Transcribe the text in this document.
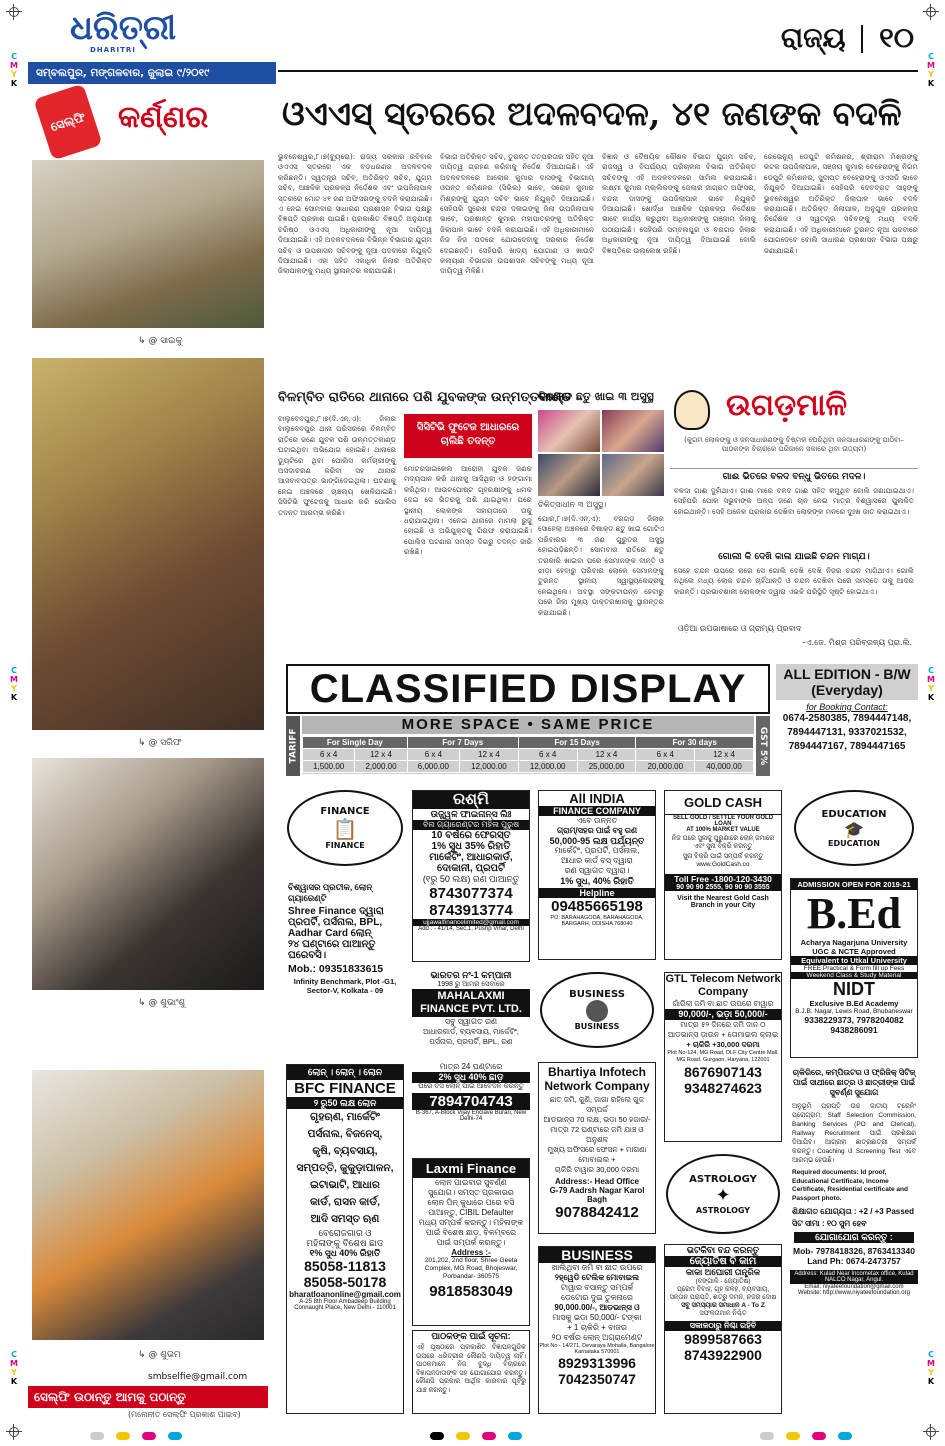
ଧରିତ୍ରୀ
DHARITRI
ସମ୍ବଲପୁର, ମଙ୍ଗଳବାର, ଜୁଲାଇ ୯/୨୦୧୯
ରାଜ୍ୟ ୧୦
C
M
Y
K
C
M
Y
K
C
M
Y
K
C
M
Y
K
C
M
Y
K
C
M
Y
K
ସେଲ୍ଫି କର୍ଣ୍ଣର
↳ @ ସାଇକୁ
↳ @ ସରିଫ
↳ @ ଶୁଭାଂଶୁ
↳ @ ଶୁଭମ
smbselfie@gmail.com
ସେଲ୍ଫି ଉଠାନ୍ତୁ ଆମକୁ ପଠାନ୍ତୁ
(ମନୋନୀତ ସେଲ୍ଫି ପ୍ରକାଶ ପାଇବ)
ଓଏଏସ୍ ସ୍ତରରେ ଅଦଳବଦଳ, ୪୧ ଜଣଙ୍କ ବଦଳି
ଭୁବନେଶ୍ୱର,୮।୭(ବ୍ୟୁରୋ): ରାଜ୍ୟ ସରକାର ରବିବାର ଓଏଏସ୍ ସ୍ତରରେ ଏକ ବଡ଼ଧରଣର ଅଦଳବଦଳ କରିଛନ୍ତି। ସ୍ୱତନ୍ତ୍ର ସଚିବ, ଅତିରିକ୍ତ ସଚିବ, ଯୁଗ୍ମ ସଚିବ, ଆଞ୍ଚଳିକ ପ୍ରକଳ୍ପ ନିର୍ଦ୍ଦେଶକ ଏବଂ ଉପଜିଲାପାଳ ସ୍ତରରେ ମୋଟ ୪୧ ଜଣ ଅଫିସରଙ୍କୁ ବଦଳି କରାଯାଇଛି। ଏ ନେଇ ସୋମବାର ସାଧାରଣ ପ୍ରଶାସନ ବିଭାଗ ପକ୍ଷରୁ ବିଜ୍ଞପ୍ତି ପ୍ରକାଶ ପାଇଛି। ପ୍ରକାଶିତ ବିଜ୍ଞପ୍ତି ଅନୁଯାୟୀ ବରିଷ୍ଠ ଓଏଏସ୍ ଅଧିକାରୀଙ୍କୁ ନୂଆ ଦାୟିତ୍ୱ ଦିଆଯାଇଛି। ଏହି ଅଦଳବଦଳରେ ବିଭିନ୍ନ ବିଭାଗର ଯୁଗ୍ମ ସଚିବ ଓ ଉପଶାସନ ସଚିବଙ୍କୁ ନୂଆ ପଦବୀରେ ନିଯୁକ୍ତି ଦିଆଯାଇଛି। ଏହା ସହିତ ଏକାଧିକ ଜିଲାର ଅତିରିକ୍ତ ଜିଲାପାଳଙ୍କୁ ମଧ୍ୟ ସ୍ଥାନାନ୍ତର କରାଯାଇଛି।
ବିଭାଗ ଅତିରିକ୍ତ ସଚିବ, ତୁରନ୍ତ ତତ୍ପରତାର ସହିତ ନୂଆ ଦାୟିତ୍ୱ ଗ୍ରହଣ କରିବାକୁ ନିର୍ଦ୍ଦେଶ ଦିଆଯାଇଛି। ଏହି ଅଦଳବଦଳରେ ଆଲୋକ କୁମାର ଦାସଙ୍କୁ ବିଭାଗୀୟ ଓପନ୍ତ କମିଶନର (ସିଭିଲ) ଭାବେ, ସରୋଜ କୁମାର ମିଶ୍ରଙ୍କୁ ଯୁଗ୍ମ ସଚିବ ଭାବେ ନିଯୁକ୍ତି ଦିଆଯାଇଛି। ସେହିପରି ସୁରେଶ ଚନ୍ଦ୍ର ଦଳାଇଙ୍କୁ ଜିଲା ଉପଜିଲାପାଳ ଭାବେ, ପ୍ରଶାନ୍ତ କୁମାର ମହାପାତ୍ରଙ୍କୁ ଅତିରିକ୍ତ ଜିଲାପାଳ ଭାବେ ବଦଳି କରାଯାଇଛି। ଏହି ଅଧିକାରୀମାନେ ନିଜ ନିଜ ପଦରେ ଯୋଗଦେବାକୁ ସରକାର ନିର୍ଦ୍ଦେଶ ଦେଇଛନ୍ତି। ସେହିପରି ଖାଦ୍ୟ ଯୋଗାଣ ଓ ଖାଉଟି କଲ୍ୟାଣ ବିଭାଗର ଉପଶାସନ ସଚିବଙ୍କୁ ମଧ୍ୟ ନୂଆ ଦାୟିତ୍ୱ ମିଳିଛି।
ବିଜ୍ଞାନ ଓ ବୈଷୟିକ କୌଶଳ ବିଭାଗ ଯୁଗ୍ମ ସଚିବ, ରାଜସ୍ୱ ଓ ବିପର୍ଯ୍ୟୟ ପରିଚାଳନା ବିଭାଗ ଅତିରିକ୍ତ ସଚିବଙ୍କୁ ଏହି ଅଦଳବଦଳରେ ସାମିଲ କରାଯାଇଛି। ଲକ୍ଷ୍ମୀ କୁମାର ମଲ୍ଲିକଙ୍କୁ ଜେଲାର ଜାଗ୍ରତ ଅଫିସର, ବନ୍ଦନା ଦାସଙ୍କୁ ଉପଜିଲାପାଳ ଭାବେ ନିଯୁକ୍ତି ଦିଆଯାଇଛି। ଖୋର୍ଦ୍ଧା ଆଞ୍ଚଳିକ ପ୍ରକଳ୍ପ ନିର୍ଦ୍ଦେଶକ ଭାବେ କାର୍ଯ୍ୟ କରୁଥିବା ଅଧିକାରୀଙ୍କୁ ଗଞ୍ଜାମ ଜିଲାକୁ ପଠାଯାଇଛି। ସେହିପରି ସମ୍ବଲପୁର ଓ ବରଗଡ଼ ଜିଲାର ଅଧିକାରୀଙ୍କୁ ନୂଆ ଦାୟିତ୍ୱ ଦିଆଯାଇଛି ବୋଲି ବିଜ୍ଞପ୍ତିରେ ଉଲ୍ଲେଖ ରହିଛି।
ରେଭେନ୍ୟୁ ଡେପୁଟି କମିଶନର, ଶ୍ରୀରାମ ମିଶ୍ରଙ୍କୁ କଟକ ଉପଜିଲାପାଳ, ସଞ୍ଜୟ କୁମାର ବେହେରାଙ୍କୁ ନିଗମ ଡେପୁଟି କମିଶନର, ସୁଦୀପ୍ତ ବେହେରାଙ୍କୁ ଓଏସଡି ଭାବେ ନିଯୁକ୍ତି ଦିଆଯାଇଛି। ସେହିପରି ଦେବବ୍ରତ ସାହୁଙ୍କୁ ଭୁବନେଶ୍ୱର ଅତିରିକ୍ତ ଜିଲାପାଳ ଭାବେ ବଦଳି କରାଯାଇଛି। ଅତିରିକ୍ତ ଜିଲାପାଳ, ଅନୁଗୁଳ ପ୍ରକଳ୍ପ ନିର୍ଦ୍ଦେଶକ ଓ ସ୍ୱତନ୍ତ୍ର ସଚିବଙ୍କୁ ମଧ୍ୟ ବଦଳି କରାଯାଇଛି। ଏହି ଅଧିକାରୀମାନେ ତୁରନ୍ତ ନୂଆ ପଦବୀରେ ଯୋଗଦେବେ ବୋଲି ସାଧାରଣ ପ୍ରଶାସନ ବିଭାଗ ପକ୍ଷରୁ ଜଣାଯାଇଛି।
ବିଳମ୍ବିତ ରାତିରେ ଥାନାରେ ପଶି ଯୁବକଙ୍କ ଉନ୍ମତ୍ତକାଣ୍ଡ
ବାଲୁବେବପୁର,୮।୭(ଦି.ଏନ୍.ଏ): ଜିଲାର ବାଲୁବେବପୁର ଥାନା ପରିସରରେ ବିଳମ୍ବିତ ରାତିରେ ଜଣେ ଯୁବକ ପଶି ଉନ୍ମତ୍ତକାଣ୍ଡ ଘଟାଇଥିବା ଅଭିଯୋଗ ହୋଇଛି। ଥାନାରେ ଡ୍ୟୁଟିରେ ଥିବା ପୋଲିସ କର୍ମଚାରୀଙ୍କୁ ଅସଦାଚରଣ କରିବା ସହ ଥାନାର ଆସବାବପତ୍ର ଭାଙ୍ଗିଦେଇଥିଲା। ଘଟଣାକୁ ନେଇ ଅଞ୍ଚଳରେ ଚାଞ୍ଚଲ୍ୟ ଖେଳିଯାଇଛି। ସିସିଟିଭି ଫୁଟେଜକୁ ଆଧାର କରି ପୋଲିସ ତଦନ୍ତ ଆରମ୍ଭ କରିଛି।
ସିସିଟିଭି ଫୁଟେଜ ଆଧାରରେ ଚାଲିଛି ତଦନ୍ତ
ମୋଟରସାଇକେଲ ଆରୋହୀ ଯୁବକ ଜଣକ ମଦ୍ୟପାନ କରି ଥାନାକୁ ଆସିଥିଲା ଓ ହଙ୍ଗାମା କରିଥିଲା। ଆଉଟପୋଷ୍ଟ ଗୃହରକ୍ଷୀଙ୍କୁ ଧମକ ଦେଇ ସେ ଭିତରକୁ ପଶି ଯାଇଥିଲା। ପରେ ସ୍ଥାନୀୟ ଲୋକଙ୍କ ସହାୟତାରେ ତାକୁ ଧରାଯାଇଥିଲା। ଏନେଇ ଥାନାରେ ମାମଲା ରୁଜୁ ହୋଇଛି ଓ ଅଭିଯୁକ୍ତକୁ ଗିରଫ କରାଯାଇଛି। ପୋଲିସ ଘଟଣାର ସମସ୍ତ ଦିଗରୁ ତଦନ୍ତ ଜାରି ରଖିଛି।
ବିଷାକ୍ତ ଛତୁ ଖାଇ ୩ ଅସୁସ୍ଥ
ଚିକିତ୍ସାଧୀନ ୩ ଅସୁସ୍ଥ।
ଯୋର,୮।୭(ଦି.ଏନ୍.ଏ): ବରଗଡ଼ ଜିଲାର ସୋହେଲା ଅଞ୍ଚଳରେ ବିଷାକ୍ତ ଛତୁ ଖାଇ ଗୋଟିଏ ପରିବାରର ୩ ଜଣ ଗୁରୁତର ଅସୁସ୍ଥ ହୋଇପଡ଼ିଛନ୍ତି। ସୋମବାର ରାତିରେ ଛତୁ ତରକାରି ଖାଇବା ପରେ ସେମାନଙ୍କ ବାନ୍ତି ଓ ଝାଡ଼ା ହେବାରୁ ପରିବାର ଲୋକେ ସେମାନଙ୍କୁ ତୁରନ୍ତ ସ୍ଥାନୀୟ ସ୍ୱାସ୍ଥ୍ୟକେନ୍ଦ୍ରକୁ ନେଇଥିଲେ। ଅବସ୍ଥା ସଙ୍କଟାପନ୍ନ ହେବାରୁ ପରେ ଜିଲା ମୁଖ୍ୟ ଡାକ୍ତରଖାନାକୁ ସ୍ଥାନାନ୍ତର କରାଯାଇଛି।
ଉଗଡ଼ମାଳି
(କୁଗମ ଲୋକଙ୍କୁ ଓ ଜନସାଧାରଣଙ୍କୁ ବିଷ୍ମକ ଘେରିଥିବା ଜନସାଧାରଣଙ୍କୁ ପାଠିବା–ପାଠକଙ୍କ ବିଚାରରେ ପରିଜାନେ ସକାରେ ଥିବା ଉଦ୍ଦ୍ୟମ)
ଗାଈ ଭିତରେ ବଳଦ ବନ୍ଧୁ ଭିତରେ ମଦଳ।
ବଳଦା ଗାଈ ଦୁହାଁଥାଏ। ଗାଈ ମାରେ ବଳଦ ଗାଈ ସହିତ କମୁଥିବ ବୋଲି ଜଣାଯାଇଥାଏ। ସେହିପରି ପୋକ ସଭୁବାଙ୍କ ଅଳ୍ପ ଜଣେ ଚାନ ନେଇ ମାତ୍ର ବିଶ୍ୱାସରେ ପୁଲକିତ ହୋଇଥାନ୍ତି। ସେହି ଅନେକ ପ୍ରକାର ଦେଖିବା ଲୋକଙ୍କ ମନରେ ଦୁଃଖ ଜାତ କରାଇଥାଏ।
ଗୋଲୀ କି ଦେଖି କାଳା ଯାଇଛି ଚନ୍ଦନ ମାଗ୍ଯ।
ସେହେ ଚନ୍ଦନ ଉପରେ କରେ ସେ ଗୋଲି ଦେଖି ଦେଖି ନିଜର ଚନ୍ଦନ ମାଗିଥାଏ। ଗୋଲି ନଥିଲେ ମଧ୍ୟ ଲୋକ ଚନ୍ଦନ ଚାହିଁଥାନ୍ତି ଓ ଚନ୍ଦନ ଦେଖିବା ପରେ ସମସ୍ତେ ତାକୁ ଆଦର କରନ୍ତି। ପ୍ରଭାବଶାଳୀ ଲୋକଙ୍କ ଦ୍ୱାରା ଏଭଳି ପରିସ୍ଥିତି ସୃଷ୍ଟି ହୋଇଥାଏ।
ଓଡ଼ିଆ ଉପଭାଷାରେ ଓ ଗ୍ରାମ୍ୟ ପ୍ରବାଦ
–ଏ.ଜେ. ମିଶ୍ର ପରିବ୍ରଜ୍ୟ ପ୍ରା.ଲି.
CLASSIFIED DISPLAY
TARIFF
MORE SPACE • SAME PRICE
For Single Day		For 7 Days		For 15 Days		For 30 days	
6 x 4	12 x 4	6 x 4	12 x 4	6 x 4	12 x 4	6 x 4	12 x 4
1,500.00	2,000.00	6,000.00	12,000.00	12,000.00	25,000.00	20,000.00	40,000.00
GST 5%
ALL EDITION - B/W
(Everyday)
for Booking Contact:
0674-2580385, 7894447148,
7894447131, 9337021532,
7894447167, 7894447165
FINANCE
📋
FINANCE
ବିଶ୍ୱାସର ପ୍ରତୀକ, ଲୋନ୍ ଗ୍ୟାରେଣ୍ଟି
Shree Finance ଦ୍ୱାରା
ପ୍ରପର୍ଟି, ପର୍ସନାଲ, BPL,
Aadhar Card ଲୋନ୍
୨୪ ଘଣ୍ଟାରେ ପାଆନ୍ତୁ
ଘରେବସି।
Mob.: 09351833615
Infinity Benchmark, Plot -G1, Sector-V, Kolkata - 09
ଲୋନ୍ । ଲୋନ୍ । ଲୋନ
BFC FINANCE
୨ ରୁ50 ଲକ୍ଷ ଲୋନ
ଗୃହଋଣ, ମାର୍କେଟିଂ
ପର୍ସନାଲ, ବିଜନେସ୍,
କୃଷି, ବ୍ୟବସାୟ,
ସମ୍ପତ୍ତି, କୁକୁଡ଼ାପାଳନ,
ଇଟାଭାଟି, ଆଧାର
କାର୍ଡ, ରାସନ କାର୍ଡ,
ଆଦି ସମସ୍ତ ଋଣ
ବେରୋଜଗାର ଓ
ମହିଳାଙ୍କୁ ବିଶେଷ ଛାଡ
୧% ସୁଧ 40% ରିହାତି
85058-11813
85058-50178
bharatloanonline@gmail.com
A-25 8th Floor Ambadeep Building Connaught Place, New Delhi - 110001
ରଶ୍ମି
ଉଜ୍ଜ୍ୱଳ ଫାଇନାନ୍ସ ଲିଃ
ବିନା ଗ୍ୟାରେଣ୍ଟର ମହିଳା ପୁରୁଷ
10 ବର୍ଷରେ ଫେରସ୍ତ
1% ସୁଧ 35% ରିହାତି
ମାର୍କେଟିଂ, ଆଧାରକାର୍ଡ,
ଦୋକାନୀ, ପ୍ରପର୍ଟି
(୧ରୁ 50 ଲକ୍ଷ) ରଣ ପାଆନ୍ତୁ
8743077374
8743913774
ujjawalfinancelimited@gmail.com
Add : - 41/14, Sec.1, Pushp Vihar, Delhi
ଭାରତର ନଂ-1 କମ୍ପାନୀ
1998 ରୁ ଆମର ସେବାରେ
MAHALAXMI FINANCE PVT. LTD.
ସବୁ ସ୍ୱାଗତ ରଣ
ଆଧାରକାର୍ଡ, ବ୍ୟବସାୟ, ମାର୍କେଟିଂ,
ପର୍ସନାଲ, ପ୍ରପର୍ଟି, BPL, ରଣ
ମାତ୍ର 24 ଘଣ୍ଟାରେ
2% ସୁଧ 40% ଛାଡ଼
ଘରେ ବସି ଲୋନ୍ ପାଇଁ ଆବେଦନ କରନ୍ତୁ
7894704743
B-367, A-Block Vijay Enclave Burari, New Delhi-74
Laxmi Finance
ଲୋନ ପାଇବାର ସୁବର୍ଣ୍ଣ
ସୁଯୋଗ। ସମସ୍ତ ପ୍ରକାରର
ଲୋନ ପିନ୍ କୁଧାରେ ପରେ ବସି
ପାଆନ୍ତୁ, CIBIL Defaulter
ମଧ୍ୟ ସମ୍ପର୍କ କରନ୍ତୁ। ମହିଳାଙ୍କ
ପାଇଁ ବିଶେଷ ଛାଡ଼, ବିଳମ୍ବରେ
ପାଇଁ ସମ୍ପର୍କ କରନ୍ତୁ।
Address :-
201,202, 2nd floor, Shree Geeta Complex, MG Road, Bhojeswar, Porbandar- 360575
9818583049
ପାଠକଙ୍କ ପାଇଁ ସୂଚନା:
ଏହି ପୃଷ୍ଠାରେ ପ୍ରକାଶିତ ବିଜ୍ଞାପନଗୁଡିକ ଉପରେ ଧରିତ୍ରୀର କୌଣସି ଦାୟିତ୍ୱ ନାହିଁ। ପାଠକମାନେ ନିଜ ବୁଦ୍ଧି ବିଚାରରେ ବିଜ୍ଞାପନଦାତାଙ୍କ ସହ ଯୋଗାଯୋଗ କରନ୍ତୁ। କୌଣସି ପ୍ରକାର ଆର୍ଥିକ କାରବାର ପୂର୍ବରୁ ଯାଞ୍ଚ କରନ୍ତୁ।
All INDIA
FINANCE COMPANY
ଏବେ ଉନ୍ନତ
ଗ୍ରାମ୍/ସହର ପାଇଁ ବହୁ ରଣ
50,000-95 ଲକ୍ଷ ପର୍ଯ୍ୟନ୍ତ
ମାର୍କେଟିଂ, ପ୍ରପର୍ଟି, ପର୍ସନାଲ,
ଆଧାର କାର୍ଡ ବସ୍ ଦ୍ୱାରା
ରଣ ସ୍ୱାଗତ ଦ୍ୱାରା।
1% ସୁଧ, 40% ରିହାତି
Helpline
09485665198
PO: BARAHAGODA, BARAHAGODA, BARGARH, ODISHA 768040
BUSINESS
BUSINESS
Bhartiya Infotech Network Company
ଛାତ ଜମି, କୁଣି, ଜାଗା ରହିଲେ ଗୁଜ ସମ୍ପର୍କ
ଆଡଭାନ୍ସ 70 ଲକ୍ଷ, ଭଡ଼ା 50 ହଜାର/-
ମାତ୍ର 72 ଘଣ୍ଟାରେ ଜମି ଯାଞ୍ଚ ଓ ଅନୁଶଳ
ମୁଖ୍ୟ ଅଫିସରେ ଫେସନ + ମାଗଣା ମୋବାଇଲ +
ଚାକିରି ଟାୱାର 30,000 ଦରମା
Address:- Head Office
G-79 Aadrsh Nagar Karol Bagh
9078842412
BUSINESS
ଖାଲିଥିବା ଜମି ବା ଛାତ ଉପରେ
୨ହ୍ୱେଡି ଟେଲିକ ମୋବାଇଲ
ଟାୱାର ବସାନ୍ତୁ ସମ୍ପର୍କ
ଡେଟୋର ଦୁଇ ତୁଳନାରେ
90,000.00/-, ଆଡଭାନ୍ସ ଓ
ମାସକୁ ଭଡ଼ା 50,000/- ଟଙ୍କା
+ 1 ଚାକିରି + ବାଜର
୨୦ ବର୍ଷର ଲୋନ୍ ଅଗ୍ରାମେଣ୍ଟ
Plot No - 14/271, Devaraya Mohalla, Bangalore Karnataka 570001
8929313996
7042350747
GOLD CASH
SELL GOLD / SETTLE YOUR GOLD LOAN
AT 100% MARKET VALUE
ନିଜ ଘରେ ସୁନାକୁ ପୁରୁଣାରେ ଲୋନ୍ ଜମାରେ ଏବଂ ସୁନା ବିକ୍ରି କରନ୍ତୁ
ସୁନା ବିକ୍ରି ପାଇଁ ସମ୍ପର୍କ କରନ୍ତୁ
www.GoldCash.co
Toll Free -1800-120-3430
90 90 90 2555, 90 90 90 3555
Visit the Nearest Gold Cash Branch in your City
GTL Telecom Network Company
ଗାଁରିଲା ଜମି ବା ଛାତ ଉପରେ ଟାୱାର
90,000/-, ଭଡ଼ା 50,000/-
ମାତ୍ର ୫୨ ଦିନରେ ଜମି ଦାନ ୦
ଆଡଭାନ୍ସ ଡ଼ାଉନ + ତୋମାଇଲ କ୍ଲାଇ
+ ଚାକିରି +30,000 ଦରମା
Plot No-124, MG Road, DLF City Centre Mall, MG Road, Gurgaon, Haryana, 122001
8676907143
9348274623
ASTROLOGY
✦
ASTROLOGY
ଭଟକିବା ବନ୍ଦ କରନ୍ତୁ
ଜ୍ୟୋତିଷ ବି କାମ
କାକା ଅଘୋରୀ ତାନ୍ତ୍ରିକ
(ବଙ୍ଗାଳି - ଜ୍ୟୋତିଷ)
ପ୍ରେମ ବିବାହ, ଗୃହ କଳହ, ବ୍ୟବସାୟ,
ସନ୍ତାନ ପ୍ରାପ୍ତି, ଶତ୍ରୁ ଦମନ, ନଜର ଦୋଷ
ସବୁ ସମସ୍ୟାର ସମାଧାନ A - To Z
ସଫଳତାମାନ ନିଶ୍ଚିତ
ସକାଳଠାରୁ ନିଶ୍ଚା ରହିବି
9899587663
8743922900
EDUCATION
🎓
EDUCATION
ADMISSION OPEN FOR 2019-21
B.Ed
Acharya Nagarjuna University
UGC & NCTE Approved
Equivalent to Utkal University
FREE Practical & Form fill up Fees
Weekend Class & Study Material
NIDT
Exclusive B.Ed Academy
B.J.B. Nagar, Lewis Road, Bhubaneswar
9338229373, 7978204082
9438286091
ଚାକିରିରେ, କମ୍ପିଉଟର ଓ ଫ୍ରିଜିକ୍ ସିଟିଜ୍ ପାଇଁ ସାଥୀରେ ଛାତ୍ର ଓ ଛାତ୍ରୀଙ୍କ ପାଇଁ ସୁବର୍ଣ୍ଣ ସୁଯୋଗ
ଅନୁଭୂମି ପ୍ରାପ୍ତି ଉଚ୍ଚ ଜାତୀୟ ଟ୍ରେନିଂ ପ୍ରୋଗ୍ରାମ: Staff Selection Commission, Banking Services (PO and Clerical), Railway Recruitment ପାଇଁ ପ୍ରଶିକ୍ଷଣ ଦିଆଯିବ। ଆଗ୍ରହୀ ଛାତ୍ରଛାତ୍ରୀ ସମ୍ପର୍କ କରନ୍ତୁ। Coaching ଓ Screening Test ଏବେ ଆରମ୍ଭ ହେଉଛି।
Required documents: Id proof, Educational Certificate, Income Certificate, Residential certificate and Passport photo.
ଶିକ୍ଷାଗତ ଯୋଗ୍ୟତା : +2 / +3 Passed
ସିଟ ସୀମା : ୧୦ ସୁମ ହେବ
ଯୋଗାଯୋଗ କରନ୍ତୁ :
Mob- 7978418326, 8763413340
Land Ph: 0674-2473757
Address: Kulad Near Incometax office, Kulad NALCO Nagar, Angul.
Email: niyateefoundation@gmail.com
Website: http://www.niyateefoundation.org
